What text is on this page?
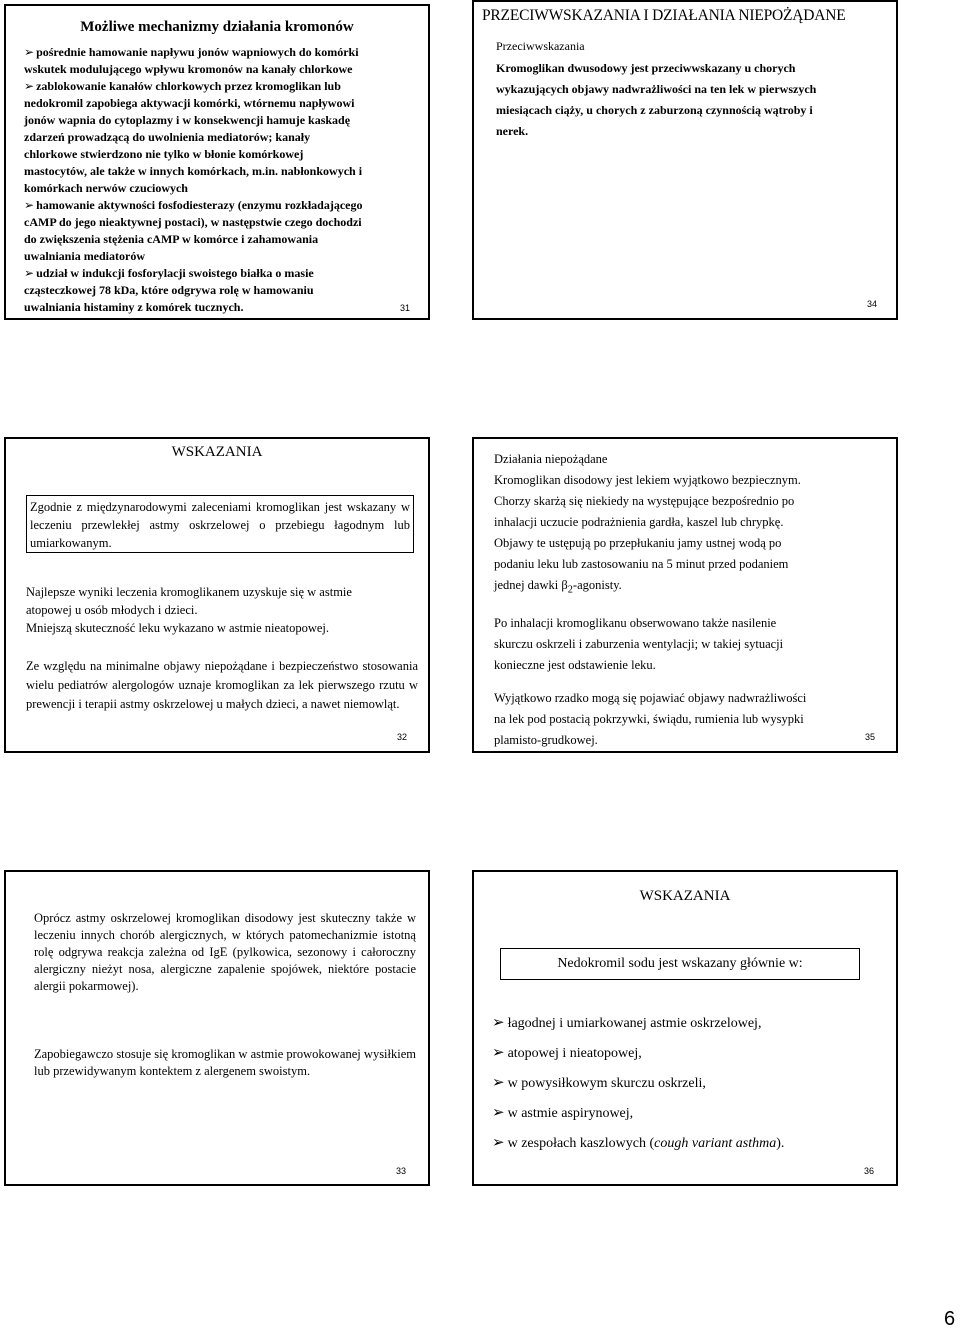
Możliwe mechanizmy działania kromonów
➢ pośrednie hamowanie napływu jonów wapniowych do komórki
wskutek modulującego wpływu kromonów na kanały chlorkowe
➢ zablokowanie kanałów chlorkowych przez kromoglikan lub
nedokromil zapobiega aktywacji komórki, wtórnemu napływowi
jonów wapnia do cytoplazmy i w konsekwencji hamuje kaskadę
zdarzeń prowadzącą do uwolnienia mediatorów; kanały
chlorkowe stwierdzono nie tylko w błonie komórkowej
mastocytów, ale także w innych komórkach, m.in. nabłonkowych i
komórkach nerwów czuciowych
➢ hamowanie aktywności fosfodiesterazy (enzymu rozkładającego
cAMP do jego nieaktywnej postaci), w następstwie czego dochodzi
do zwiększenia stężenia cAMP w komórce i zahamowania
uwalniania mediatorów
➢ udział w indukcji fosforylacji swoistego białka o masie
cząsteczkowej 78 kDa, które odgrywa rolę w hamowaniu
uwalniania histaminy z komórek tucznych.	31
PRZECIWWSKAZANIA I DZIAŁANIA NIEPOŻĄDANE
Przeciwwskazania
Kromoglikan dwusodowy jest przeciwwskazany u chorych
wykazujących objawy nadwrażliwości na ten lek w pierwszych
miesiącach ciąży, u chorych z zaburzoną czynnością wątroby i
nerek.
34
WSKAZANIA
Zgodnie z międzynarodowymi zaleceniami kromoglikan jest wskazany w leczeniu przewlekłej astmy oskrzelowej o przebiegu łagodnym lub umiarkowanym.
Najlepsze wyniki leczenia kromoglikanem uzyskuje się w astmie
atopowej u osób młodych i dzieci.
Mniejszą skuteczność leku wykazano w astmie nieatopowej.
Ze względu na minimalne objawy niepożądane i bezpieczeństwo stosowania wielu pediatrów alergologów uznaje kromoglikan za lek pierwszego rzutu w prewencji i terapii astmy oskrzelowej u małych dzieci, a nawet niemowląt.
32
Działania niepożądane
Kromoglikan disodowy jest lekiem wyjątkowo bezpiecznym.
Chorzy skarżą się niekiedy na występujące bezpośrednio po
inhalacji uczucie podrażnienia gardła, kaszel lub chrypkę.
Objawy te ustępują po przepłukaniu jamy ustnej wodą po
podaniu leku lub zastosowaniu na 5 minut przed podaniem
jednej dawki $\beta_2$-agonisty.

Po inhalacji kromoglikanu obserwowano także nasilenie
skurczu oskrzeli i zaburzenia wentylacji; w takiej sytuacji
konieczne jest odstawienie leku.

Wyjątkowo rzadko mogą się pojawiać objawy nadwrażliwości
na lek pod postacią pokrzywki, świądu, rumienia lub wysypki
plamisto-grudkowej.	35
Oprócz astmy oskrzelowej kromoglikan disodowy jest skuteczny także w leczeniu innych chorób alergicznych, w których patomechanizmie istotną rolę odgrywa reakcja zależna od IgE (pylkowica, sezonowy i całoroczny alergiczny nieżyt nosa, alergiczne zapalenie spojówek, niektóre postacie alergii pokarmowej).
Zapobiegawczo stosuje się kromoglikan w astmie prowokowanej wysiłkiem lub przewidywanym kontektem z alergenem swoistym.
33
WSKAZANIA
Nedokromil sodu jest wskazany głównie w:
➢ łagodnej i umiarkowanej astmie oskrzelowej,
➢ atopowej i nieatopowej,
➢ w powysiłkowym skurczu oskrzeli,
➢ w astmie aspirynowej,
➢ w zespołach kaszlowych (cough variant asthma).
36
6
